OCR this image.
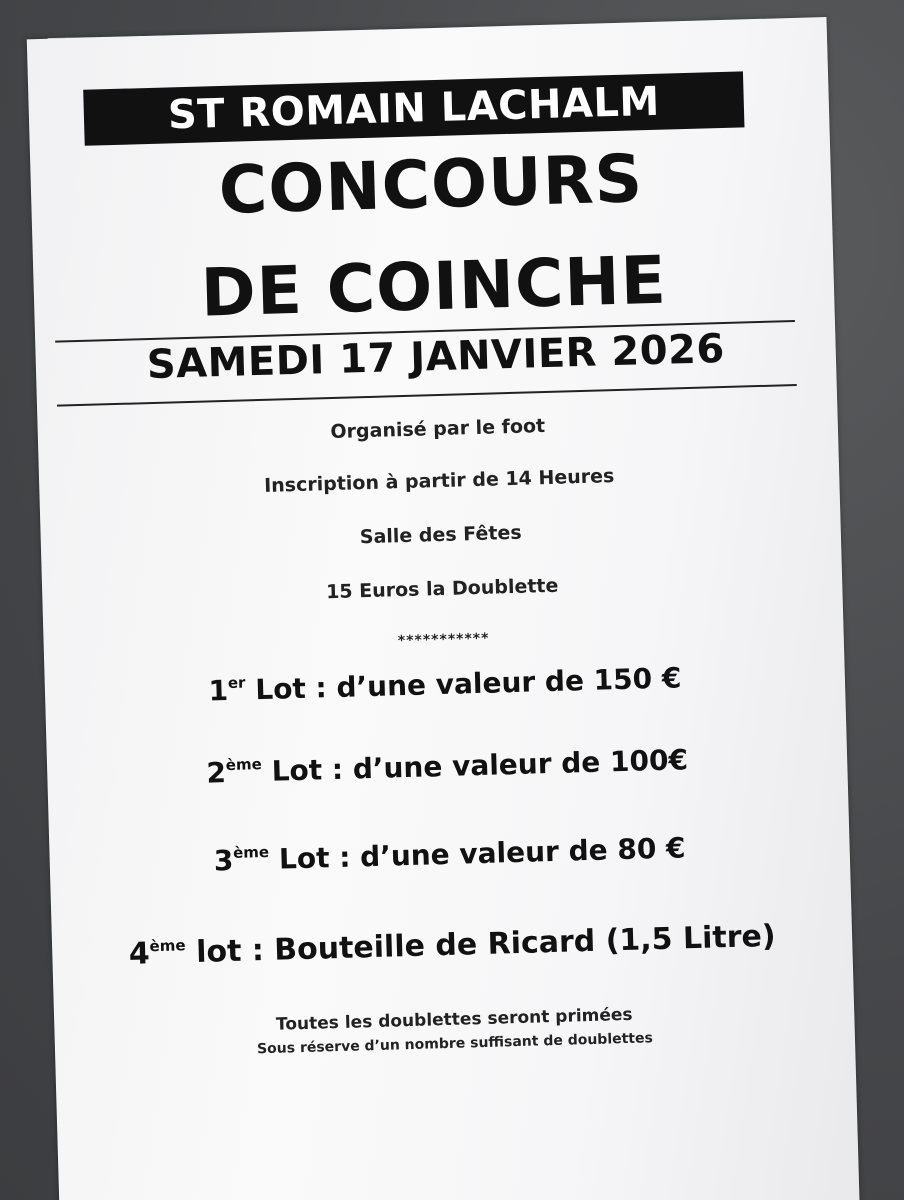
ST ROMAIN LACHALM
CONCOURS
DE COINCHE
SAMEDI 17 JANVIER 2026
Organisé par le foot
Inscription à partir de 14 Heures
Salle des Fêtes
15 Euros la Doublette
***********
1er Lot : d’une valeur de 150 €
2ème Lot : d’une valeur de 100€
3ème Lot : d’une valeur de 80 €
4ème lot : Bouteille de Ricard (1,5 Litre)
Toutes les doublettes seront primées
Sous réserve d’un nombre suffisant de doublettes
